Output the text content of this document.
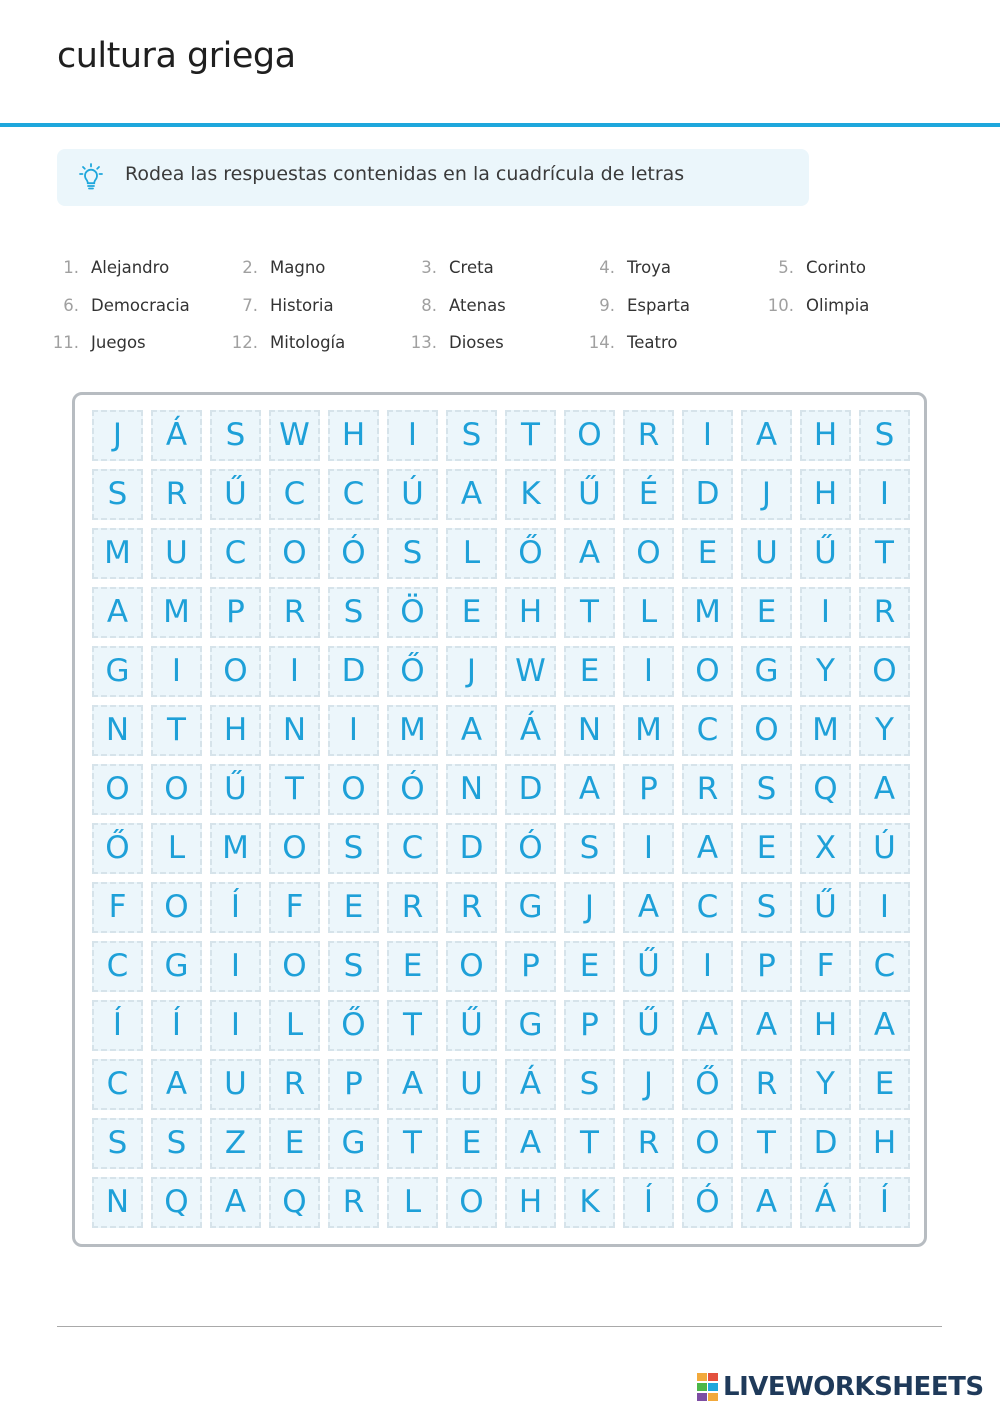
cultura griega
Rodea las respuestas contenidas en la cuadrícula de letras
1. Alejandro	2. Magno	3. Creta	4. Troya	5. Corinto
6. Democracia	7. Historia	8. Atenas	9. Esparta	10. Olimpia
11. Juegos	12. Mitología	13. Dioses	14. Teatro
J	Á	S	W	H	I	S	T	O	R	I	A	H	S
S	R	Ű	C	C	Ú	A	K	Ű	É	D	J	H	I
M	U	C	O	Ó	S	L	Ő	A	O	E	U	Ű	T
A	M	P	R	S	Ö	E	H	T	L	M	E	I	R
G	I	O	I	D	Ő	J	W	E	I	O	G	Y	O
N	T	H	N	I	M	A	Á	N	M	C	O	M	Y
O	O	Ű	T	O	Ó	N	D	A	P	R	S	Q	A
Ő	L	M	O	S	C	D	Ó	S	I	A	E	X	Ú
F	O	Í	F	E	R	R	G	J	A	C	S	Ű	I
C	G	I	O	S	E	O	P	E	Ű	I	P	F	C
Í	Í	I	L	Ő	T	Ű	G	P	Ű	A	A	H	A
C	A	U	R	P	A	U	Á	S	J	Ő	R	Y	E
S	S	Z	E	G	T	E	A	T	R	O	T	D	H
N	Q	A	Q	R	L	O	H	K	Í	Ó	A	Á	Í
LIVEWORKSHEETS
